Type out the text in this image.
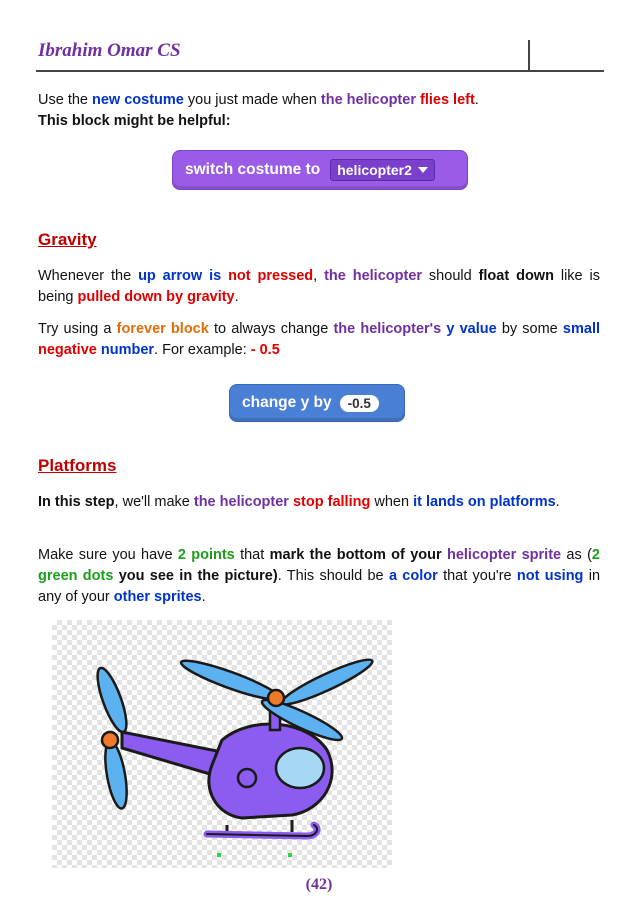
Ibrahim Omar CS

Use the new costume you just made when the helicopter flies left.
This block might be helpful:

switch costume to helicopter2
Gravity

Whenever the up arrow is not pressed, the helicopter should float down like is being pulled down by gravity.

Try using a forever block to always change the helicopter's y value by some small negative number. For example: - 0.5

change y by	-0.5
Platforms

In this step, we'll make the helicopter stop falling when it lands on platforms.

Make sure you have 2 points that mark the bottom of your helicopter sprite as (2 green dots you see in the picture). This should be a color that you're not using in any of your other sprites.

(42)
